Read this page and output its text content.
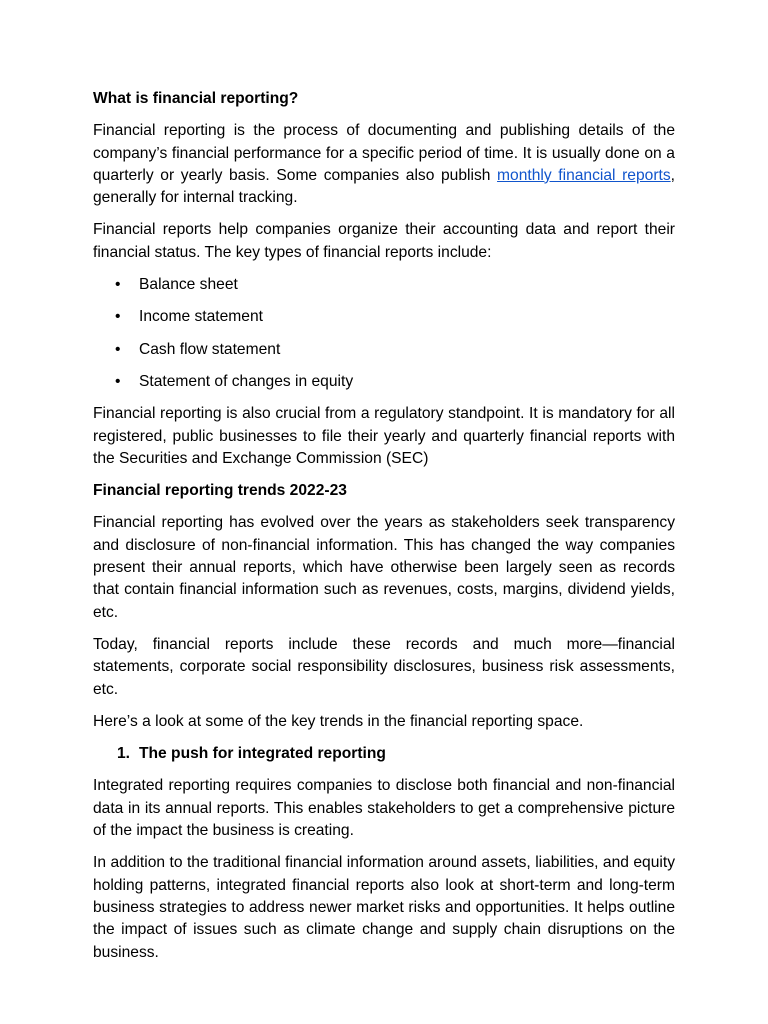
What is financial reporting?

Financial reporting is the process of documenting and publishing details of the company’s financial performance for a specific period of time. It is usually done on a quarterly or yearly basis. Some companies also publish monthly financial reports, generally for internal tracking.

Financial reports help companies organize their accounting data and report their financial status. The key types of financial reports include:

• Balance sheet
• Income statement
• Cash flow statement
• Statement of changes in equity

Financial reporting is also crucial from a regulatory standpoint. It is mandatory for all registered, public businesses to file their yearly and quarterly financial reports with the Securities and Exchange Commission (SEC)

Financial reporting trends 2022-23

Financial reporting has evolved over the years as stakeholders seek transparency and disclosure of non-financial information. This has changed the way companies present their annual reports, which have otherwise been largely seen as records that contain financial information such as revenues, costs, margins, dividend yields, etc.

Today, financial reports include these records and much more—financial statements, corporate social responsibility disclosures, business risk assessments, etc.

Here’s a look at some of the key trends in the financial reporting space.

1. The push for integrated reporting

Integrated reporting requires companies to disclose both financial and non-financial data in its annual reports. This enables stakeholders to get a comprehensive picture of the impact the business is creating.

In addition to the traditional financial information around assets, liabilities, and equity holding patterns, integrated financial reports also look at short-term and long-term business strategies to address newer market risks and opportunities. It helps outline the impact of issues such as climate change and supply chain disruptions on the business.
